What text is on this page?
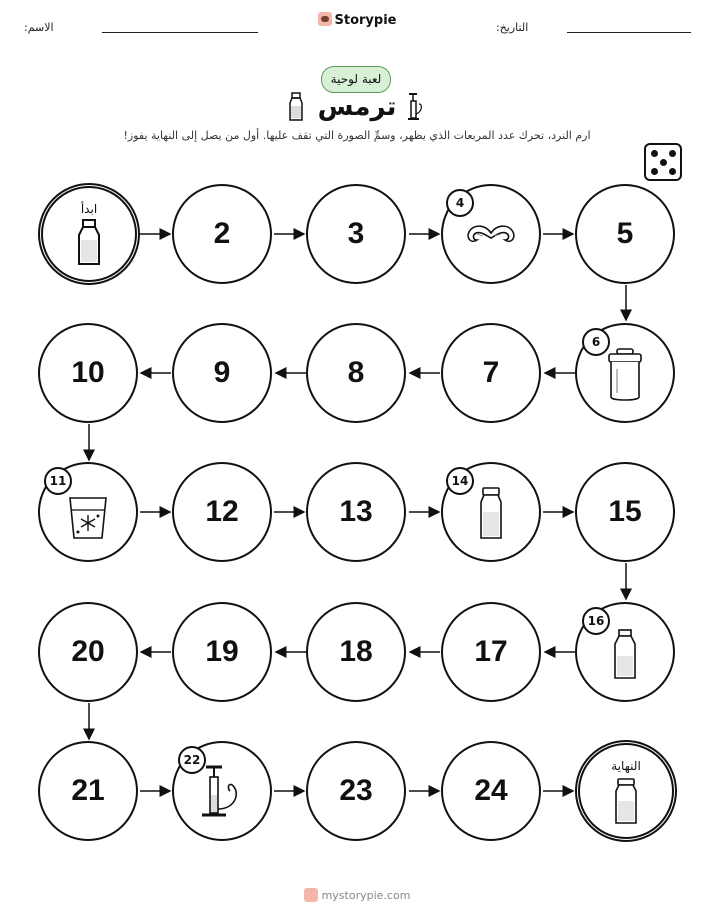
الاسم:	التاريخ:
Storypie
لعبة لوحية
ترمس
ارم النرد، تحرك عدد المربعات الذي يظهر، وسمِّ الصورة التي تقف عليها. أول من يصل إلى النهاية يفوز!
ابدأ
2	3
4
5
10	9	8	7
6
11
12	13
14
15
20	19	18	17
16
21
22
23	24
النهاية
mystorypie.com
